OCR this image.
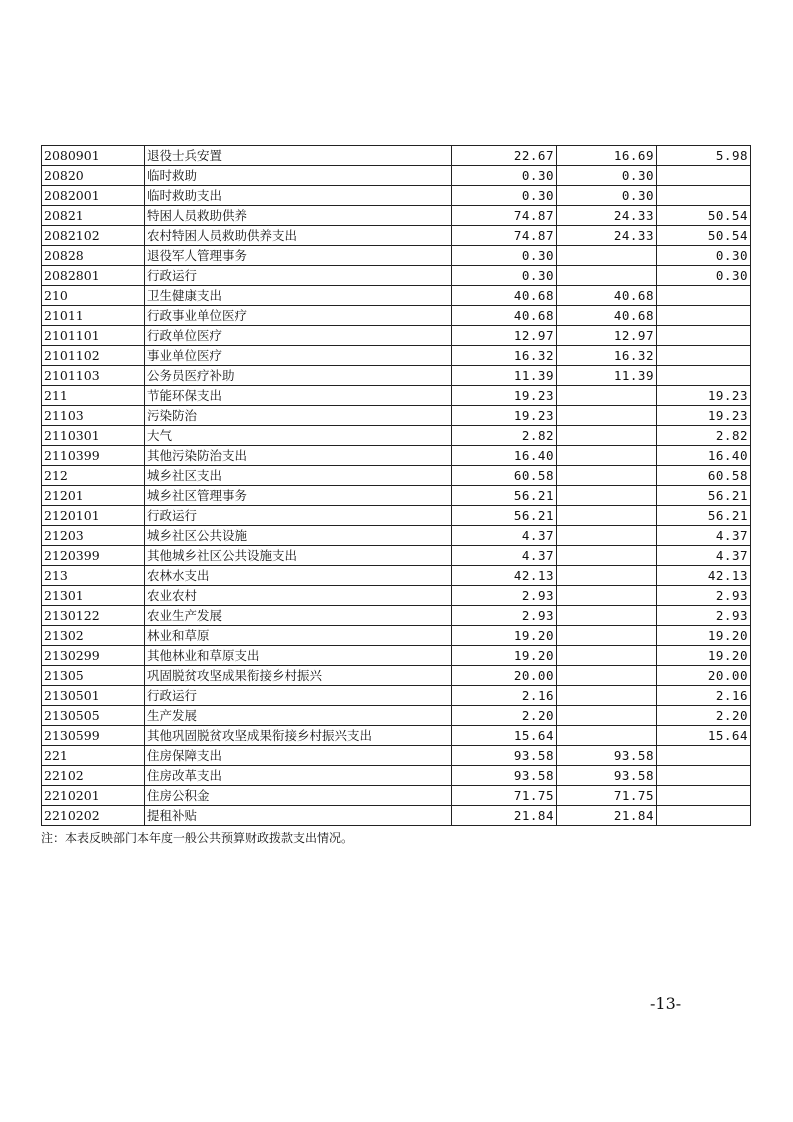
2080901	退役士兵安置	22.67	16.69	5.98
20820	临时救助	0.30	0.30	
2082001	临时救助支出	0.30	0.30	
20821	特困人员救助供养	74.87	24.33	50.54
2082102	农村特困人员救助供养支出	74.87	24.33	50.54
20828	退役军人管理事务	0.30		0.30
2082801	行政运行	0.30		0.30
210	卫生健康支出	40.68	40.68	
21011	行政事业单位医疗	40.68	40.68	
2101101	行政单位医疗	12.97	12.97	
2101102	事业单位医疗	16.32	16.32	
2101103	公务员医疗补助	11.39	11.39	
211	节能环保支出	19.23		19.23
21103	污染防治	19.23		19.23
2110301	大气	2.82		2.82
2110399	其他污染防治支出	16.40		16.40
212	城乡社区支出	60.58		60.58
21201	城乡社区管理事务	56.21		56.21
2120101	行政运行	56.21		56.21
21203	城乡社区公共设施	4.37		4.37
2120399	其他城乡社区公共设施支出	4.37		4.37
213	农林水支出	42.13		42.13
21301	农业农村	2.93		2.93
2130122	农业生产发展	2.93		2.93
21302	林业和草原	19.20		19.20
2130299	其他林业和草原支出	19.20		19.20
21305	巩固脱贫攻坚成果衔接乡村振兴	20.00		20.00
2130501	行政运行	2.16		2.16
2130505	生产发展	2.20		2.20
2130599	其他巩固脱贫攻坚成果衔接乡村振兴支出	15.64		15.64
221	住房保障支出	93.58	93.58	
22102	住房改革支出	93.58	93.58	
2210201	住房公积金	71.75	71.75	
2210202	提租补贴	21.84	21.84	
注：本表反映部门本年度一般公共预算财政拨款支出情况。
-13-
